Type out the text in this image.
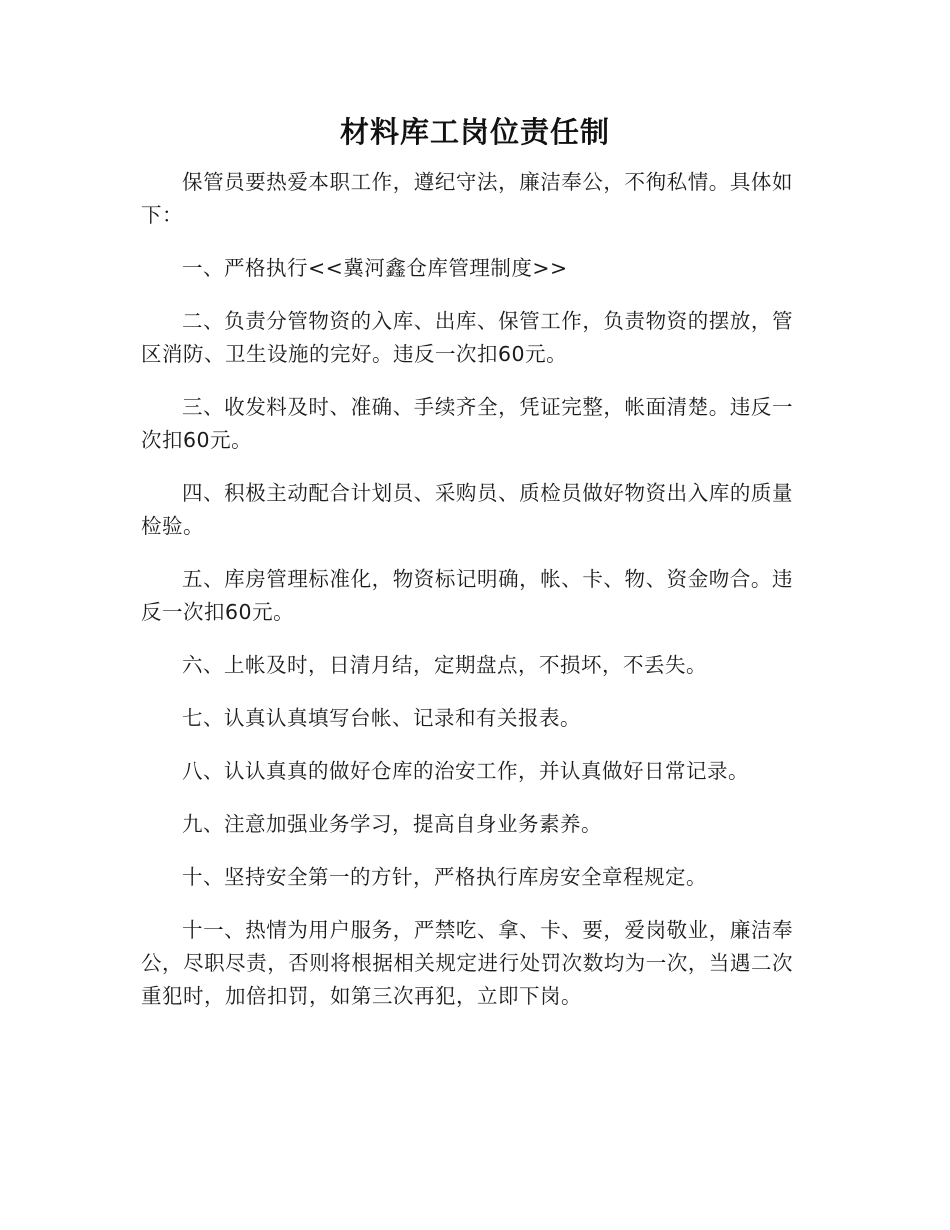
材料库工岗位责任制

保管员要热爱本职工作，遵纪守法，廉洁奉公，不徇私情。具体如下：

一、严格执行<<冀河鑫仓库管理制度>>

二、负责分管物资的入库、出库、保管工作，负责物资的摆放，管区消防、卫生设施的完好。违反一次扣60元。

三、收发料及时、准确、手续齐全，凭证完整，帐面清楚。违反一次扣60元。

四、积极主动配合计划员、采购员、质检员做好物资出入库的质量检验。

五、库房管理标准化，物资标记明确，帐、卡、物、资金吻合。违反一次扣60元。

六、上帐及时，日清月结，定期盘点，不损坏，不丢失。

七、认真认真填写台帐、记录和有关报表。

八、认认真真的做好仓库的治安工作，并认真做好日常记录。

九、注意加强业务学习，提高自身业务素养。

十、坚持安全第一的方针，严格执行库房安全章程规定。

十一、热情为用户服务，严禁吃、拿、卡、要，爱岗敬业，廉洁奉公，尽职尽责，否则将根据相关规定进行处罚次数均为一次，当遇二次重犯时，加倍扣罚，如第三次再犯，立即下岗。
